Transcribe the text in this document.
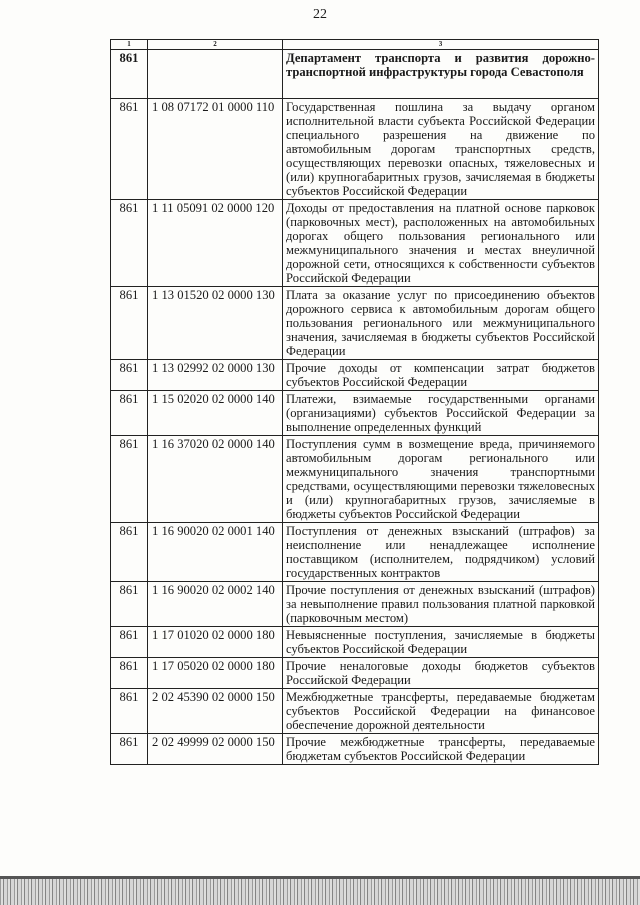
22
1	2	3
861		Департамент транспорта и развития дорожно-транспортной инфраструктуры города Севастополя
861	1 08 07172 01 0000 110	Государственная пошлина за выдачу органом исполнительной власти субъекта Российской Федерации специального разрешения на движение по автомобильным дорогам транспортных средств, осуществляющих перевозки опасных, тяжеловесных и (или) крупногабаритных грузов, зачисляемая в бюджеты субъектов Российской Федерации
861	1 11 05091 02 0000 120	Доходы от предоставления на платной основе парковок (парковочных мест), расположенных на автомобильных дорогах общего пользования регионального или межмуниципального значения и местах внеуличной дорожной сети, относящихся к собственности субъектов Российской Федерации
861	1 13 01520 02 0000 130	Плата за оказание услуг по присоединению объектов дорожного сервиса к автомобильным дорогам общего пользования регионального или межмуниципального значения, зачисляемая в бюджеты субъектов Российской Федерации
861	1 13 02992 02 0000 130	Прочие доходы от компенсации затрат бюджетов субъектов Российской Федерации
861	1 15 02020 02 0000 140	Платежи, взимаемые государственными органами (организациями) субъектов Российской Федерации за выполнение определенных функций
861	1 16 37020 02 0000 140	Поступления сумм в возмещение вреда, причиняемого автомобильным дорогам регионального или межмуниципального значения транспортными средствами, осуществляющими перевозки тяжеловесных и (или) крупногабаритных грузов, зачисляемые в бюджеты субъектов Российской Федерации
861	1 16 90020 02 0001 140	Поступления от денежных взысканий (штрафов) за неисполнение или ненадлежащее исполнение поставщиком (исполнителем, подрядчиком) условий государственных контрактов
861	1 16 90020 02 0002 140	Прочие поступления от денежных взысканий (штрафов) за невыполнение правил пользования платной парковкой (парковочным местом)
861	1 17 01020 02 0000 180	Невыясненные поступления, зачисляемые в бюджеты субъектов Российской Федерации
861	1 17 05020 02 0000 180	Прочие неналоговые доходы бюджетов субъектов Российской Федерации
861	2 02 45390 02 0000 150	Межбюджетные трансферты, передаваемые бюджетам субъектов Российской Федерации на финансовое обеспечение дорожной деятельности
861	2 02 49999 02 0000 150	Прочие межбюджетные трансферты, передаваемые бюджетам субъектов Российской Федерации
